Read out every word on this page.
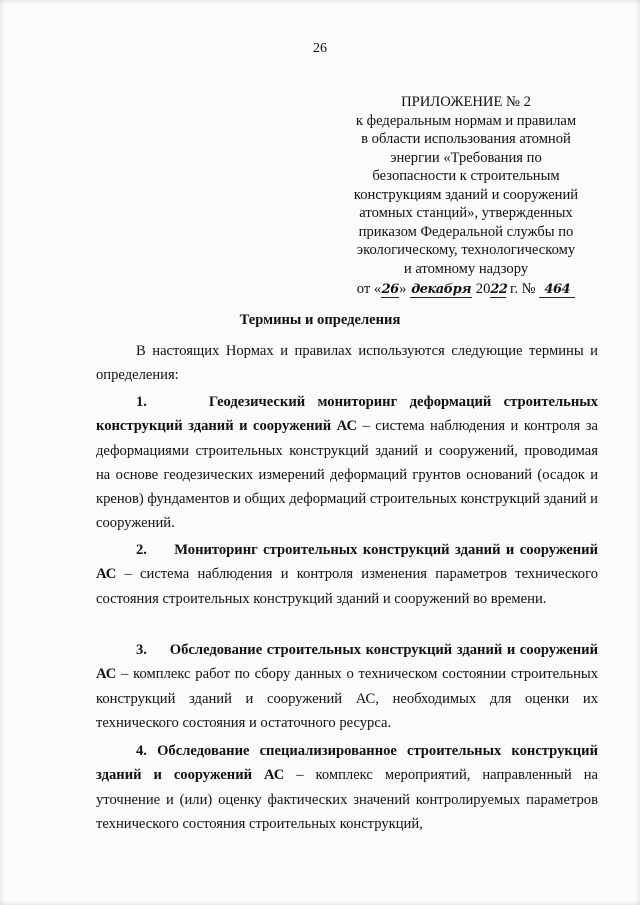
26
ПРИЛОЖЕНИЕ № 2
к федеральным нормам и правилам
в области использования атомной
энергии «Требования по
безопасности к строительным
конструкциям зданий и сооружений
атомных станций», утвержденных
приказом Федеральной службы по
экологическому, технологическому
и атомному надзору
от «26» декабря 2022 г. № 464
Термины и определения
В настоящих Нормах и правилах используются следующие термины и определения:

1.	Геодезический мониторинг деформаций строительных конструкций зданий и сооружений АС – система наблюдения и контроля за деформациями строительных конструкций зданий и сооружений, проводимая на основе геодезических измерений деформаций грунтов оснований (осадок и кренов) фундаментов и общих деформаций строительных конструкций зданий и сооружений.

2. Мониторинг строительных конструкций зданий и сооружений АС – система наблюдения и контроля изменения параметров технического состояния строительных конструкций зданий и сооружений во времени.

3. Обследование строительных конструкций зданий и сооружений АС – комплекс работ по сбору данных о техническом состоянии строительных конструкций зданий и сооружений АС, необходимых для оценки их технического состояния и остаточного ресурса.

4. Обследование специализированное строительных конструкций зданий и сооружений АС – комплекс мероприятий, направленный на уточнение и (или) оценку фактических значений контролируемых параметров технического состояния строительных конструкций,
